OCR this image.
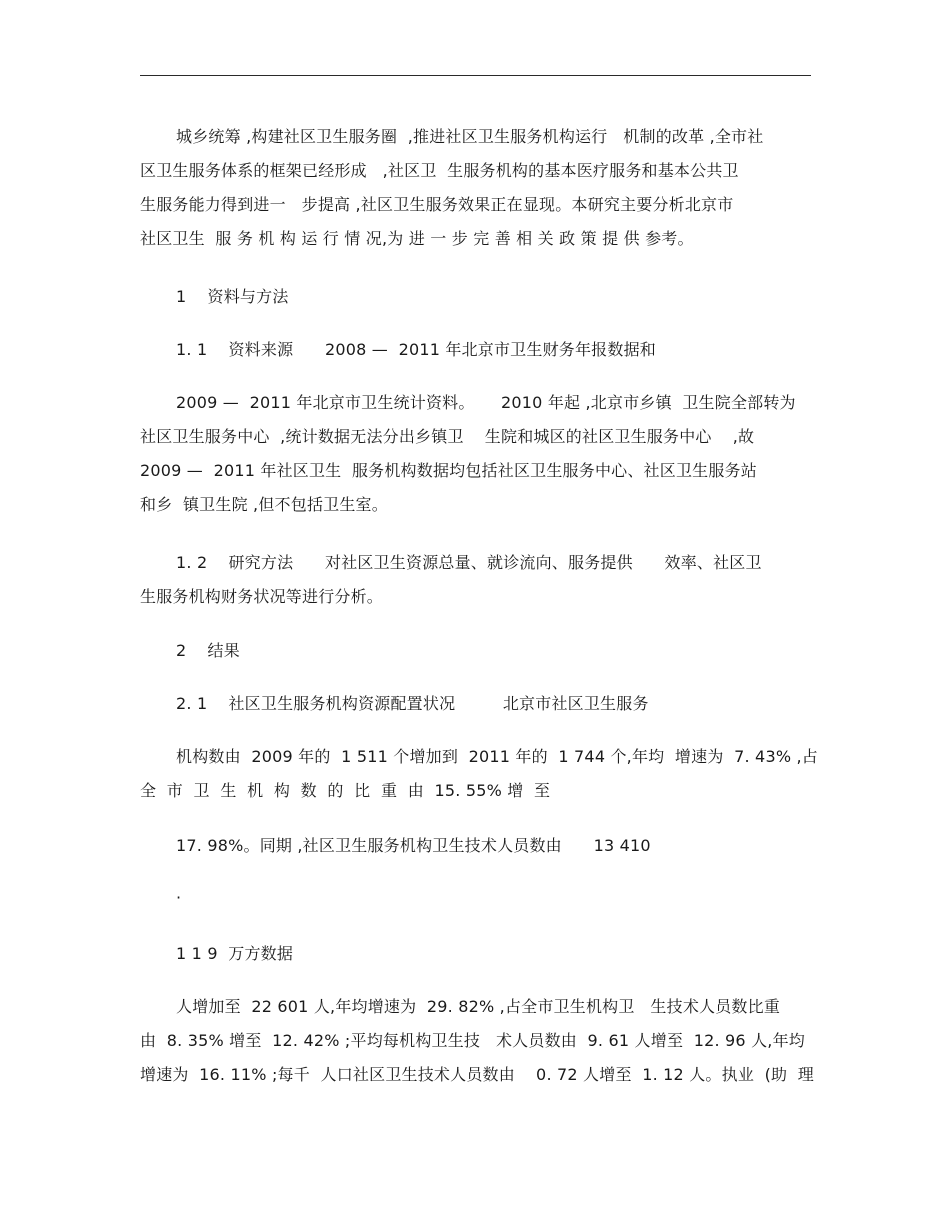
城乡统筹 ,构建社区卫生服务圈  ,推进社区卫生服务机构运行   机制的改革 ,全市社
区卫生服务体系的框架已经形成   ,社区卫  生服务机构的基本医疗服务和基本公共卫
生服务能力得到进一   步提高 ,社区卫生服务效果正在显现。本研究主要分析北京市
社区卫生  服 务 机 构 运 行 情 况,为 进 一 步 完 善 相 关 政 策 提 供 参考。
1    资料与方法
1. 1    资料来源      2008 —  2011 年北京市卫生财务年报数据和
2009 —  2011 年北京市卫生统计资料。     2010 年起 ,北京市乡镇  卫生院全部转为
社区卫生服务中心  ,统计数据无法分出乡镇卫    生院和城区的社区卫生服务中心    ,故
2009 —  2011 年社区卫生  服务机构数据均包括社区卫生服务中心、社区卫生服务站
和乡  镇卫生院 ,但不包括卫生室。
1. 2    研究方法      对社区卫生资源总量、就诊流向、服务提供      效率、社区卫
生服务机构财务状况等进行分析。
2    结果
2. 1    社区卫生服务机构资源配置状况         北京市社区卫生服务
机构数由  2009 年的  1 511 个增加到  2011 年的  1 744 个,年均  增速为  7. 43% ,占
全  市  卫  生  机  构  数  的  比  重  由  15. 55% 增  至
17. 98%。同期 ,社区卫生服务机构卫生技术人员数由      13 410
·
1 1 9  万方数据
人增加至  22 601 人,年均增速为  29. 82% ,占全市卫生机构卫   生技术人员数比重
由  8. 35% 增至  12. 42% ;平均每机构卫生技   术人员数由  9. 61 人增至  12. 96 人,年均
增速为  16. 11% ;每千  人口社区卫生技术人员数由    0. 72 人增至  1. 12 人。执业  (助  理
